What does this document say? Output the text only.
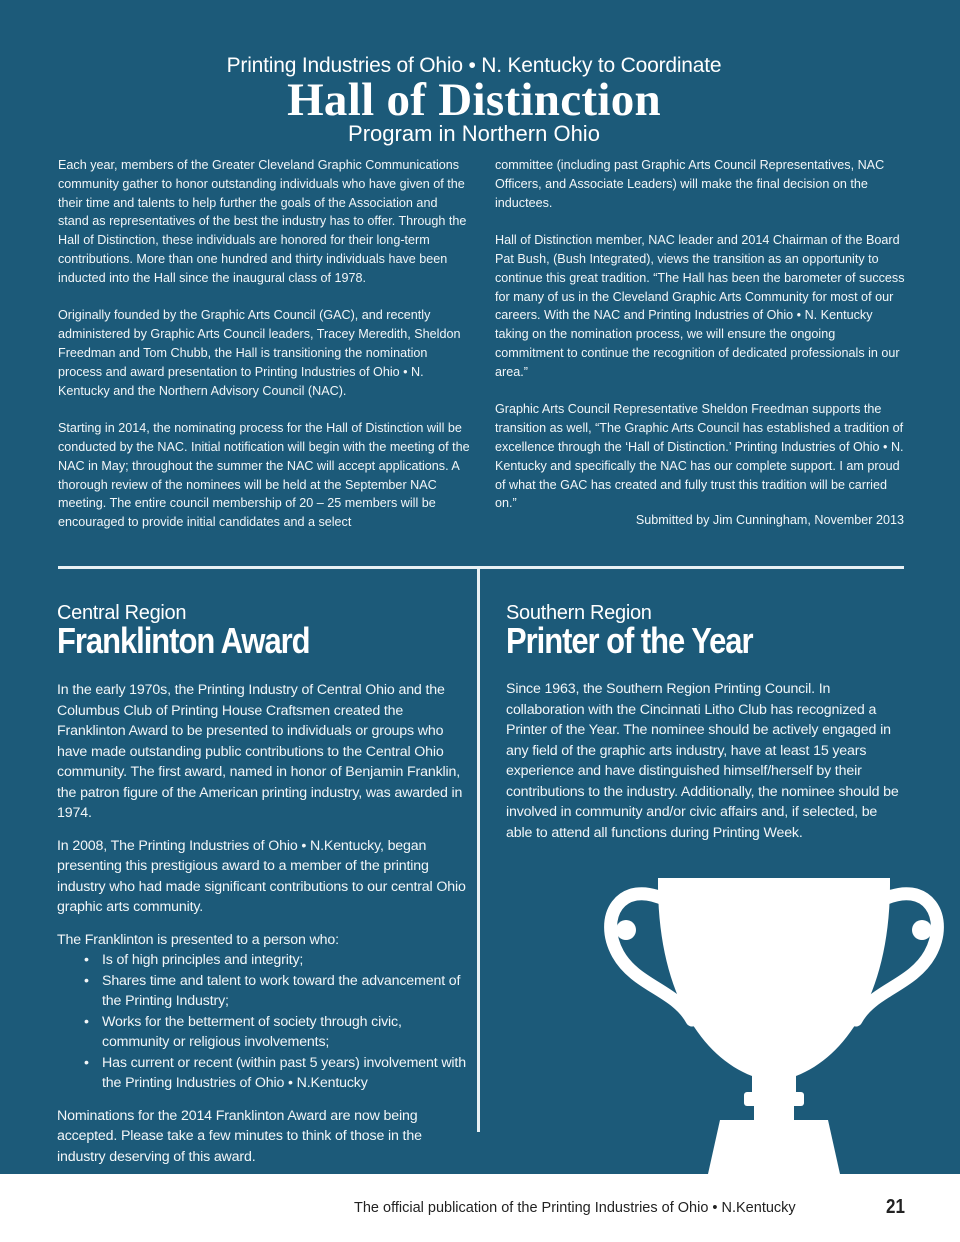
Printing Industries of Ohio • N. Kentucky to Coordinate
Hall of Distinction
Program in Northern Ohio

Each year, members of the Greater Cleveland Graphic Communications community gather to honor outstanding individuals who have given of the their time and talents to help further the goals of the Association and stand as representatives of the best the industry has to offer. Through the Hall of Distinction, these individuals are honored for their long-term contributions. More than one hundred and thirty individuals have been inducted into the Hall since the inaugural class of 1978.

Originally founded by the Graphic Arts Council (GAC), and recently administered by Graphic Arts Council leaders, Tracey Meredith, Sheldon Freedman and Tom Chubb, the Hall is transitioning the nomination process and award presentation to Printing Industries of Ohio • N. Kentucky and the Northern Advisory Council (NAC).

Starting in 2014, the nominating process for the Hall of Distinction will be conducted by the NAC. Initial notification will begin with the meeting of the NAC in May; throughout the summer the NAC will accept applications. A thorough review of the nominees will be held at the September NAC meeting. The entire council membership of 20 – 25 members will be encouraged to provide initial candidates and a select

committee (including past Graphic Arts Council Representatives, NAC Officers, and Associate Leaders) will make the final decision on the inductees.

Hall of Distinction member, NAC leader and 2014 Chairman of the Board Pat Bush, (Bush Integrated), views the transition as an opportunity to continue this great tradition. “The Hall has been the barometer of success for many of us in the Cleveland Graphic Arts Community for most of our careers. With the NAC and Printing Industries of Ohio • N. Kentucky taking on the nomination process, we will ensure the ongoing commitment to continue the recognition of dedicated professionals in our area.”

Graphic Arts Council Representative Sheldon Freedman supports the transition as well, “The Graphic Arts Council has established a tradition of excellence through the ‘Hall of Distinction.’ Printing Industries of Ohio • N. Kentucky and specifically the NAC has our complete support. I am proud of what the GAC has created and fully trust this tradition will be carried on.”

Submitted by Jim Cunningham, November 2013
Central Region
Franklinton Award

In the early 1970s, the Printing Industry of Central Ohio and the Columbus Club of Printing House Craftsmen created the Franklinton Award to be presented to individuals or groups who have made outstanding public contributions to the Central Ohio community. The first award, named in honor of Benjamin Franklin, the patron figure of the American printing industry, was awarded in 1974.

In 2008, The Printing Industries of Ohio • N.Kentucky, began presenting this prestigious award to a member of the printing industry who had made significant contributions to our central Ohio graphic arts community.

The Franklinton is presented to a person who:

• Is of high principles and integrity;
• Shares time and talent to work toward the advancement of the Printing Industry;
• Works for the betterment of society through civic, community or religious involvements;
• Has current or recent (within past 5 years) involvement with the Printing Industries of Ohio • N.Kentucky

Nominations for the 2014 Franklinton Award are now being accepted. Please take a few minutes to think of those in the industry deserving of this award.

Southern Region
Printer of the Year

Since 1963, the Southern Region Printing Council. In collaboration with the Cincinnati Litho Club has recognized a Printer of the Year. The nominee should be actively engaged in any field of the graphic arts industry, have at least 15 years experience and have distinguished himself/herself by their contributions to the industry. Additionally, the nominee should be involved in community and/or civic affairs and, if selected, be able to attend all functions during Printing Week.

The official publication of the Printing Industries of Ohio • N.Kentucky	21
